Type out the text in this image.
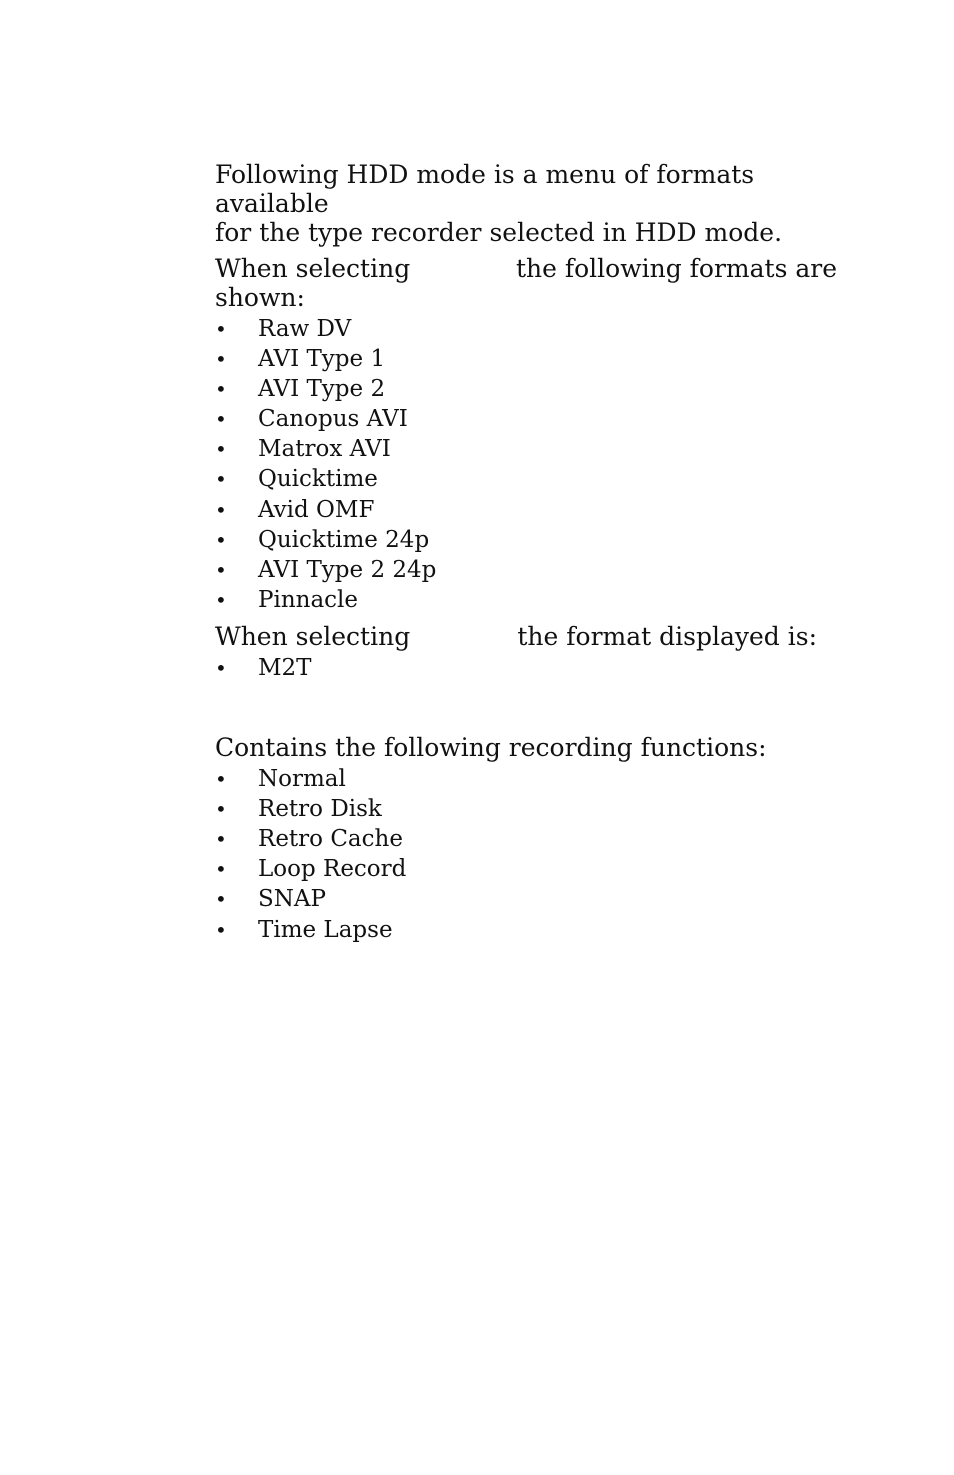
Following HDD mode is a menu of formats available
for the type recorder selected in HDD mode.

When selecting	the following formats are
shown:
• Raw DV
• AVI Type 1
• AVI Type 2
• Canopus AVI
• Matrox AVI
• Quicktime
• Avid OMF
• Quicktime 24p
• AVI Type 2 24p
• Pinnacle
When selecting	the format displayed is:
• M2T

Contains the following recording functions:

• Normal
• Retro Disk
• Retro Cache
• Loop Record
• SNAP
• Time Lapse
